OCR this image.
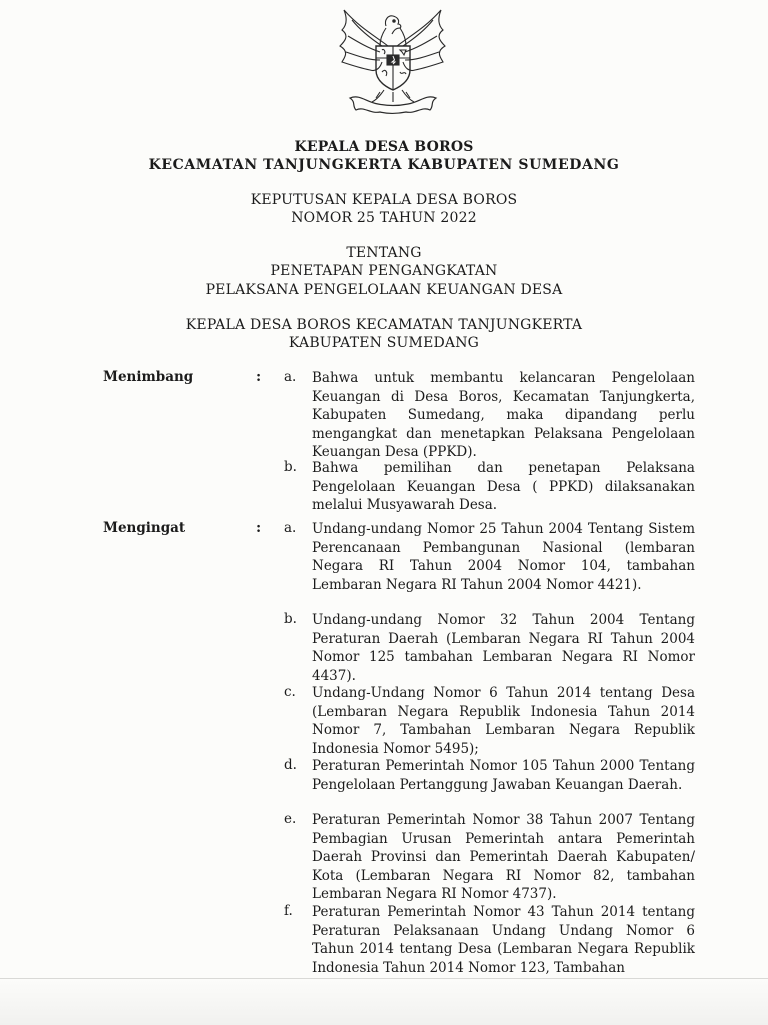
KEPALA DESA BOROS
KECAMATAN TANJUNGKERTA KABUPATEN SUMEDANG
KEPUTUSAN KEPALA DESA BOROS
NOMOR 25 TAHUN 2022
TENTANG
PENETAPAN PENGANGKATAN
PELAKSANA PENGELOLAAN KEUANGAN DESA
KEPALA DESA BOROS KECAMATAN TANJUNGKERTA
KABUPATEN SUMEDANG
Menimbang	: a. Bahwa untuk membantu kelancaran Pengelolaan Keuangan di Desa Boros, Kecamatan Tanjungkerta, Kabupaten Sumedang, maka dipandang perlu mengangkat dan menetapkan Pelaksana Pengelolaan Keuangan Desa (PPKD).
b. Bahwa pemilihan dan penetapan Pelaksana Pengelolaan Keuangan Desa ( PPKD) dilaksanakan melalui Musyawarah Desa.
Mengingat	: a. Undang-undang Nomor 25 Tahun 2004 Tentang Sistem Perencanaan Pembangunan Nasional (lembaran Negara RI Tahun 2004 Nomor 104, tambahan Lembaran Negara RI Tahun 2004 Nomor 4421).
b. Undang-undang Nomor 32 Tahun 2004 Tentang Peraturan Daerah (Lembaran Negara RI Tahun 2004 Nomor 125 tambahan Lembaran Negara RI Nomor 4437).
c. Undang-Undang Nomor 6 Tahun 2014 tentang Desa (Lembaran Negara Republik Indonesia Tahun 2014 Nomor 7, Tambahan Lembaran Negara Republik Indonesia Nomor 5495);
d. Peraturan Pemerintah Nomor 105 Tahun 2000 Tentang Pengelolaan Pertanggung Jawaban Keuangan Daerah.
e. Peraturan Pemerintah Nomor 38 Tahun 2007 Tentang Pembagian Urusan Pemerintah antara Pemerintah Daerah Provinsi dan Pemerintah Daerah Kabupaten/ Kota (Lembaran Negara RI Nomor 82, tambahan Lembaran Negara RI Nomor 4737).
f. Peraturan Pemerintah Nomor 43 Tahun 2014 tentang Peraturan Pelaksanaan Undang Undang Nomor 6 Tahun 2014 tentang Desa (Lembaran Negara Republik Indonesia Tahun 2014 Nomor 123, Tambahan
